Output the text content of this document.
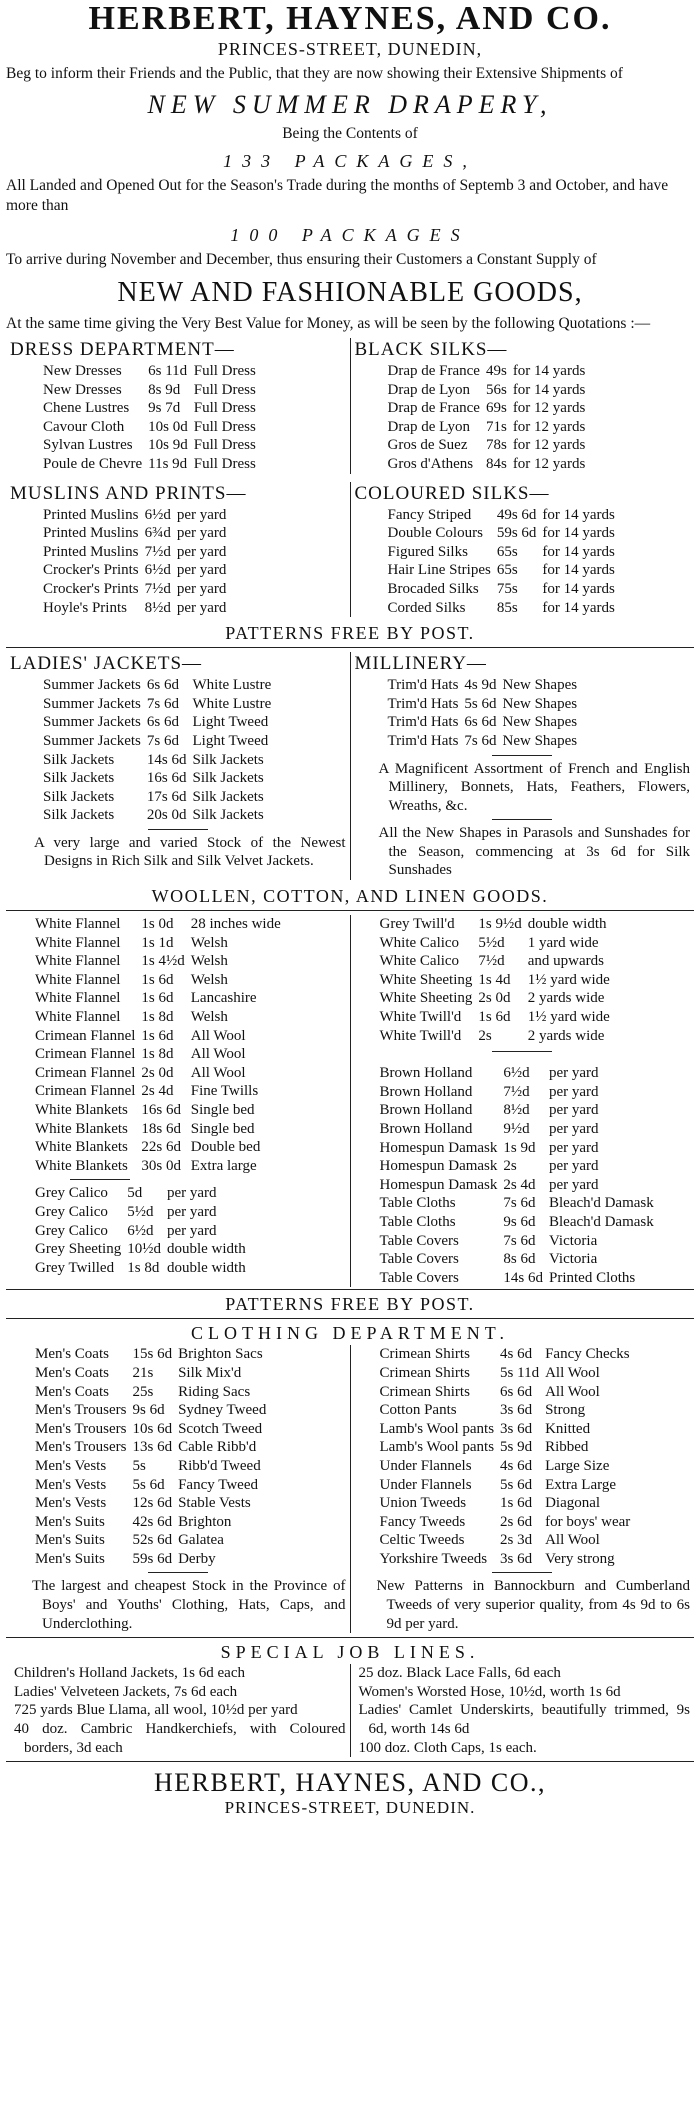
HERBERT, HAYNES, AND CO.
PRINCES-STREET, DUNEDIN,
Beg to inform their Friends and the Public, that they are now showing their Extensive Shipments of
NEW SUMMER DRAPERY,
Being the Contents of
133 PACKAGES,
All Landed and Opened Out for the Season's Trade during the months of Septemb 3 and October, and have more than
100 PACKAGES
To arrive during November and December, thus ensuring their Customers a Constant Supply of
NEW AND FASHIONABLE GOODS,
At the same time giving the Very Best Value for Money, as will be seen by the following Quotations :—
DRESS DEPARTMENT—
New Dresses	6s 11d	Full Dress
New Dresses	8s 9d	Full Dress
Chene Lustres	9s 7d	Full Dress
Cavour Cloth	10s 0d	Full Dress
Sylvan Lustres	10s 9d	Full Dress
Poule de Chevre	11s 9d	Full Dress
BLACK SILKS—
Drap de France	49s	for 14 yards
Drap de Lyon	56s	for 14 yards
Drap de France	69s	for 12 yards
Drap de Lyon	71s	for 12 yards
Gros de Suez	78s	for 12 yards
Gros d'Athens	84s	for 12 yards
MUSLINS AND PRINTS—
Printed Muslins	6½d	per yard
Printed Muslins	6¾d	per yard
Printed Muslins	7½d	per yard
Crocker's Prints	6½d	per yard
Crocker's Prints	7½d	per yard
Hoyle's Prints	8½d	per yard
COLOURED SILKS—
Fancy Striped	49s 6d	for 14 yards
Double Colours	59s 6d	for 14 yards
Figured Silks	65s	for 14 yards
Hair Line Stripes	65s	for 14 yards
Brocaded Silks	75s	for 14 yards
Corded Silks	85s	for 14 yards
PATTERNS FREE BY POST.
LADIES' JACKETS—
Summer Jackets	6s 6d	White Lustre
Summer Jackets	7s 6d	White Lustre
Summer Jackets	6s 6d	Light Tweed
Summer Jackets	7s 6d	Light Tweed
Silk Jackets	14s 6d	Silk Jackets
Silk Jackets	16s 6d	Silk Jackets
Silk Jackets	17s 6d	Silk Jackets
Silk Jackets	20s 0d	Silk Jackets
A very large and varied Stock of the Newest Designs in Rich Silk and Silk Velvet Jackets.
MILLINERY—
Trim'd Hats	4s 9d	New Shapes
Trim'd Hats	5s 6d	New Shapes
Trim'd Hats	6s 6d	New Shapes
Trim'd Hats	7s 6d	New Shapes
A Magnificent Assortment of French and English Millinery, Bonnets, Hats, Feathers, Flowers, Wreaths, &c.
All the New Shapes in Parasols and Sunshades for the Season, commencing at 3s 6d for Silk Sunshades
WOOLLEN, COTTON, AND LINEN GOODS.
White Flannel	1s 0d	28 inches wide
White Flannel	1s 1d	Welsh
White Flannel	1s 4½d	Welsh
White Flannel	1s 6d	Welsh
White Flannel	1s 6d	Lancashire
White Flannel	1s 8d	Welsh
Crimean Flannel	1s 6d	All Wool
Crimean Flannel	1s 8d	All Wool
Crimean Flannel	2s 0d	All Wool
Crimean Flannel	2s 4d	Fine Twills
White Blankets	16s 6d	Single bed
White Blankets	18s 6d	Single bed
White Blankets	22s 6d	Double bed
White Blankets	30s 0d	Extra large
Grey Calico	5d	per yard
Grey Calico	5½d	per yard
Grey Calico	6½d	per yard
Grey Sheeting	10½d	double width
Grey Twilled	1s 8d	double width
Grey Twill'd	1s 9½d	double width
White Calico	5½d	1 yard wide
White Calico	7½d	and upwards
White Sheeting	1s 4d	1½ yard wide
White Sheeting	2s 0d	2 yards wide
White Twill'd	1s 6d	1½ yard wide
White Twill'd	2s	2 yards wide
Brown Holland	6½d	per yard
Brown Holland	7½d	per yard
Brown Holland	8½d	per yard
Brown Holland	9½d	per yard
Homespun Damask	1s 9d	per yard
Homespun Damask	2s	per yard
Homespun Damask	2s 4d	per yard
Table Cloths	7s 6d	Bleach'd Damask
Table Cloths	9s 6d	Bleach'd Damask
Table Covers	7s 6d	Victoria
Table Covers	8s 6d	Victoria
Table Covers	14s 6d	Printed Cloths
PATTERNS FREE BY POST.
CLOTHING DEPARTMENT.
Men's Coats	15s 6d	Brighton Sacs
Men's Coats	21s	Silk Mix'd
Men's Coats	25s	Riding Sacs
Men's Trousers	9s 6d	Sydney Tweed
Men's Trousers	10s 6d	Scotch Tweed
Men's Trousers	13s 6d	Cable Ribb'd
Men's Vests	5s	Ribb'd Tweed
Men's Vests	5s 6d	Fancy Tweed
Men's Vests	12s 6d	Stable Vests
Men's Suits	42s 6d	Brighton
Men's Suits	52s 6d	Galatea
Men's Suits	59s 6d	Derby
The largest and cheapest Stock in the Province of Boys' and Youths' Clothing, Hats, Caps, and Underclothing.
Crimean Shirts	4s 6d	Fancy Checks
Crimean Shirts	5s 11d	All Wool
Crimean Shirts	6s 6d	All Wool
Cotton Pants	3s 6d	Strong
Lamb's Wool pants	3s 6d	Knitted
Lamb's Wool pants	5s 9d	Ribbed
Under Flannels	4s 6d	Large Size
Under Flannels	5s 6d	Extra Large
Union Tweeds	1s 6d	Diagonal
Fancy Tweeds	2s 6d	for boys' wear
Celtic Tweeds	2s 3d	All Wool
Yorkshire Tweeds	3s 6d	Very strong
New Patterns in Bannockburn and Cumberland Tweeds of very superior quality, from 4s 9d to 6s 9d per yard.
SPECIAL JOB LINES.
Children's Holland Jackets, 1s 6d each
Ladies' Velveteen Jackets, 7s 6d each
725 yards Blue Llama, all wool, 10½d per yard
40 doz. Cambric Handkerchiefs, with Coloured borders, 3d each
25 doz. Black Lace Falls, 6d each
Women's Worsted Hose, 10½d, worth 1s 6d
Ladies' Camlet Underskirts, beautifully trimmed, 9s 6d, worth 14s 6d
100 doz. Cloth Caps, 1s each.
HERBERT, HAYNES, AND CO.,
PRINCES-STREET, DUNEDIN.
